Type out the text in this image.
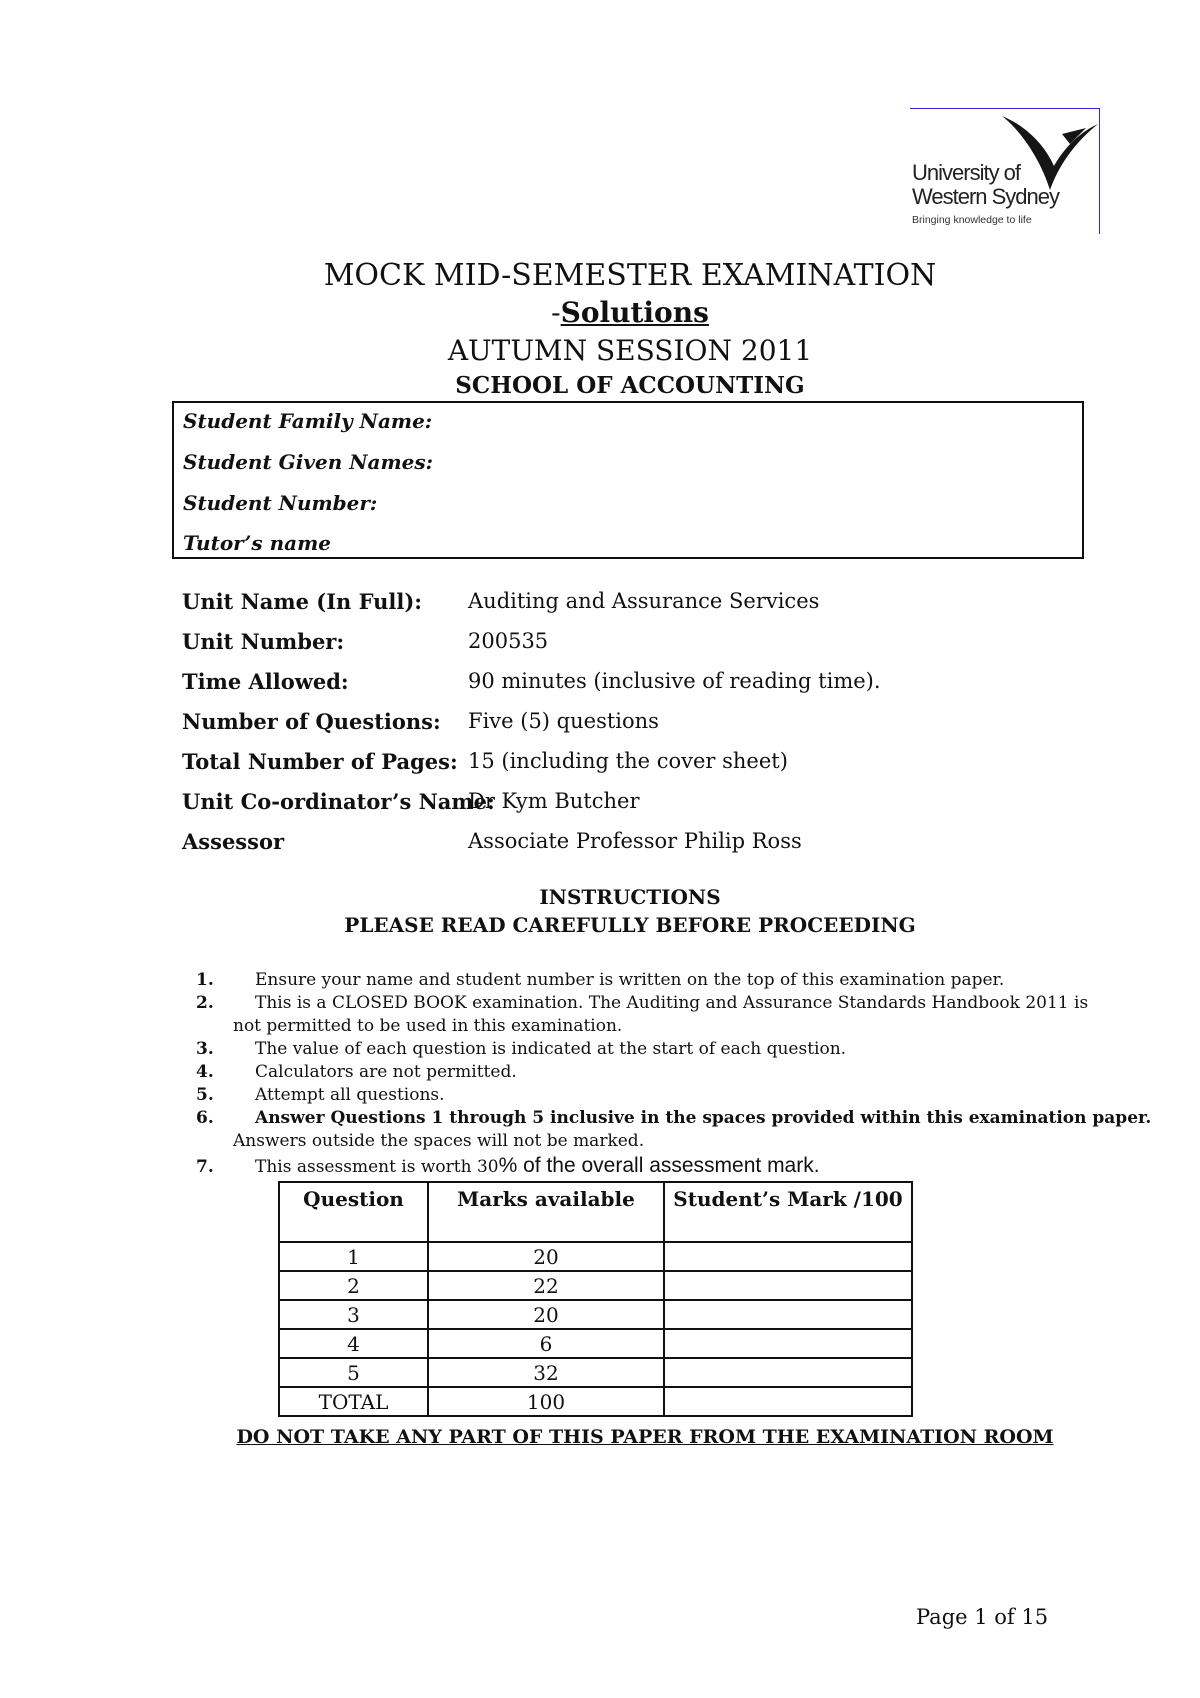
University of
Western Sydney
Bringing knowledge to life
MOCK MID-SEMESTER EXAMINATION
-Solutions
AUTUMN SESSION 2011
SCHOOL OF ACCOUNTING
Student Family Name:
Student Given Names:
Student Number:
Tutor’s name
Unit Name (In Full): Auditing and Assurance Services
Unit Number:	200535
Time Allowed:	90 minutes (inclusive of reading time).
Number of Questions: Five (5) questions
Total Number of Pages: 15 (including the cover sheet)
Unit Co-ordinator’s Name:
Dr Kym Butcher
Assessor	Associate Professor Philip Ross
INSTRUCTIONS
PLEASE READ CAREFULLY BEFORE PROCEEDING
1. Ensure your name and student number is written on the top of this examination paper.
2. This is a CLOSED BOOK examination. The Auditing and Assurance Standards Handbook 2011 is
not permitted to be used in this examination.
3. The value of each question is indicated at the start of each question.
4. Calculators are not permitted.
5. Attempt all questions.
6. Answer Questions 1 through 5 inclusive in the spaces provided within this examination paper.
Answers outside the spaces will not be marked.
7. This assessment is worth 30% of the overall assessment mark.
Question	Marks available	Student’s Mark /100
1	20	
2	22	
3	20	
4	6	
5	32	
TOTAL	100	
DO NOT TAKE ANY PART OF THIS PAPER FROM THE EXAMINATION ROOM
Page 1 of 15
